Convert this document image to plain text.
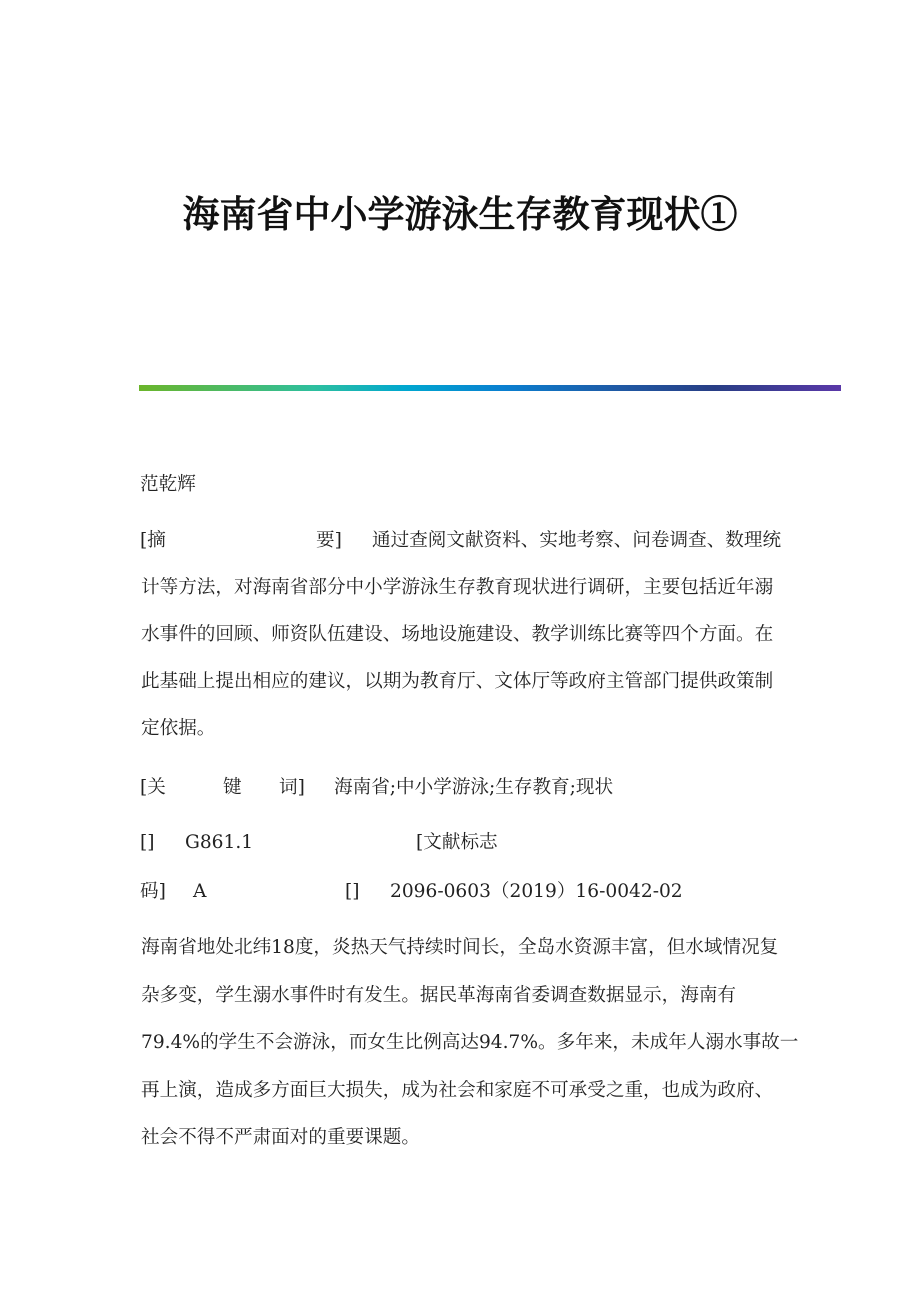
海南省中小学游泳生存教育现状①
范乾辉
[摘	要] 通过查阅文献资料、实地考察、问卷调查、数理统
计等方法，对海南省部分中小学游泳生存教育现状进行调研，主要包括近年溺
水事件的回顾、师资队伍建设、场地设施建设、教学训练比赛等四个方面。在
此基础上提出相应的建议，以期为教育厅、文体厅等政府主管部门提供政策制
定依据。
[关	键 词] 海南省;中小学游泳;生存教育;现状
[] G861.1	[文献标志
码] A	[] 2096-0603（2019）16-0042-02
海南省地处北纬18度，炎热天气持续时间长，全岛水资源丰富，但水域情况复
杂多变，学生溺水事件时有发生。据民革海南省委调查数据显示，海南有
79.4%的学生不会游泳，而女生比例高达94.7%。多年来，未成年人溺水事故一
再上演，造成多方面巨大损失，成为社会和家庭不可承受之重，也成为政府、
社会不得不严肃面对的重要课题。
